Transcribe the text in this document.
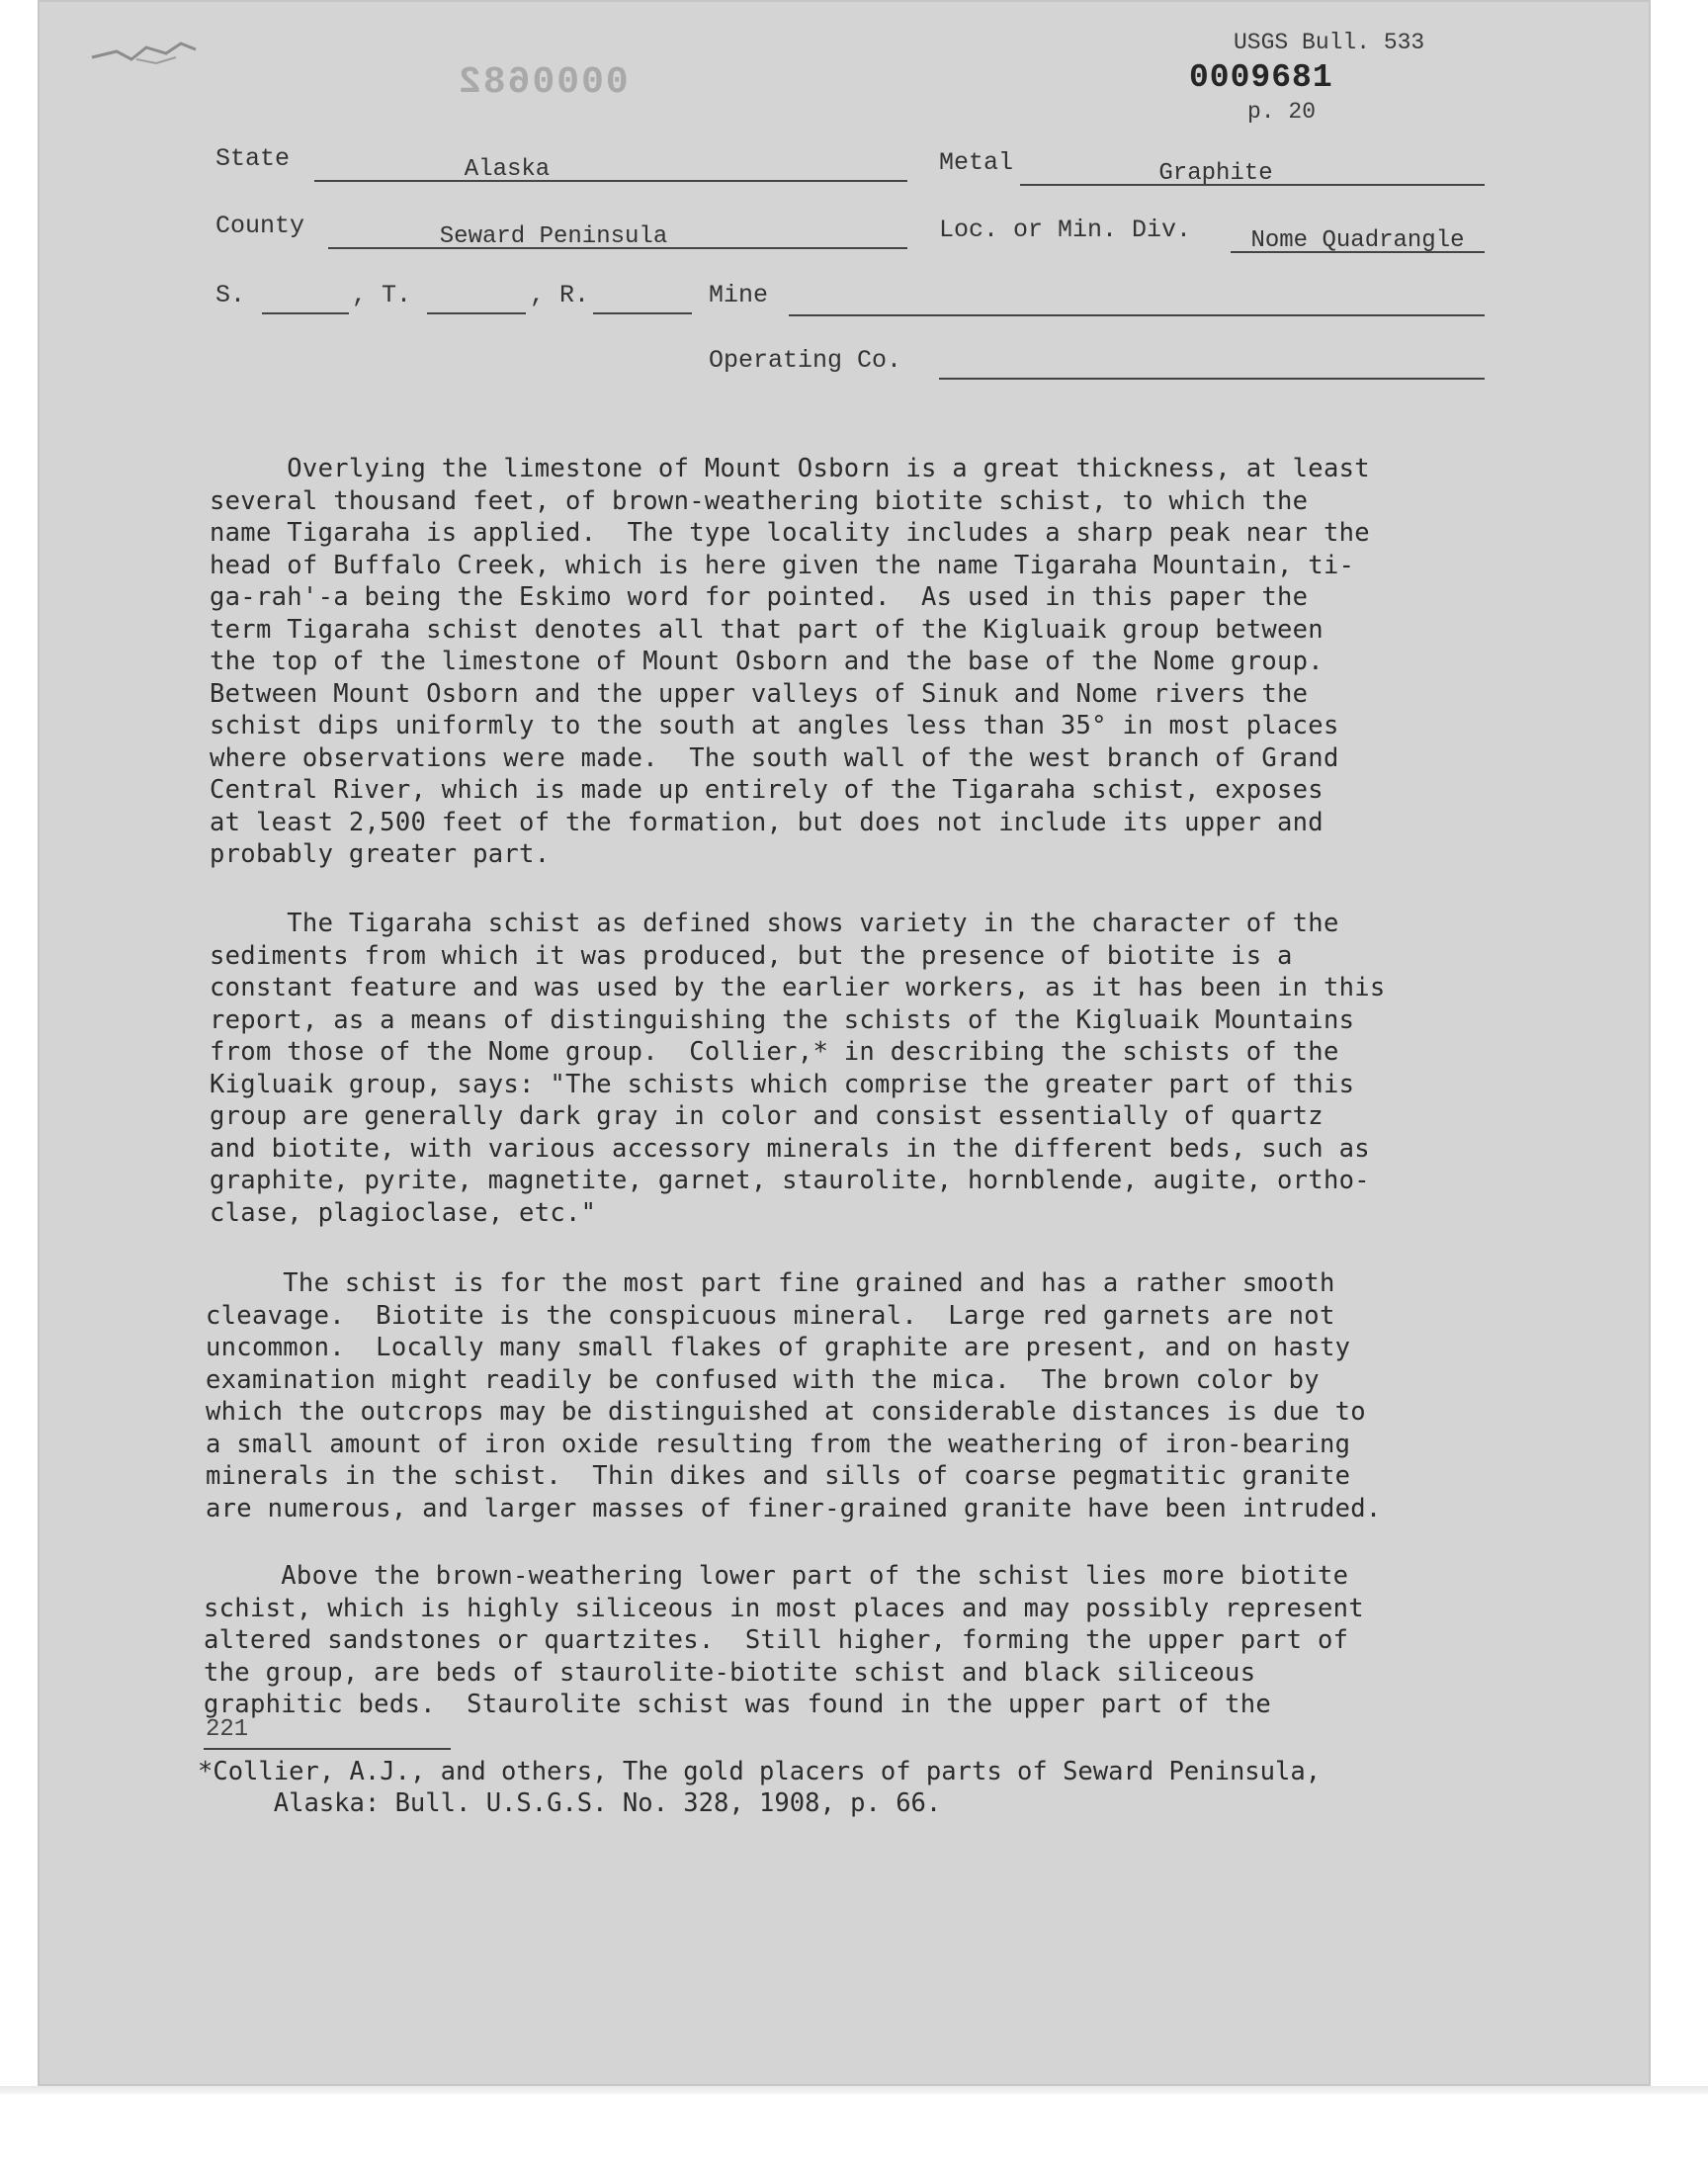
USGS Bull. 533
0000682	0009681
p. 20
State	Alaska	Metal	Graphite
County	Seward Peninsula	Loc. or Min. Div.	Nome Quadrangle
S.	, T.	, R.	Mine
Operating Co.
Overlying the limestone of Mount Osborn is a great thickness, at least
several thousand feet, of brown-weathering biotite schist, to which the
name Tigaraha is applied.  The type locality includes a sharp peak near the
head of Buffalo Creek, which is here given the name Tigaraha Mountain, ti-
ga-rah'-a being the Eskimo word for pointed.  As used in this paper the
term Tigaraha schist denotes all that part of the Kigluaik group between
the top of the limestone of Mount Osborn and the base of the Nome group.
Between Mount Osborn and the upper valleys of Sinuk and Nome rivers the
schist dips uniformly to the south at angles less than 35° in most places
where observations were made.  The south wall of the west branch of Grand
Central River, which is made up entirely of the Tigaraha schist, exposes
at least 2,500 feet of the formation, but does not include its upper and
probably greater part.
The Tigaraha schist as defined shows variety in the character of the
sediments from which it was produced, but the presence of biotite is a
constant feature and was used by the earlier workers, as it has been in this
report, as a means of distinguishing the schists of the Kigluaik Mountains
from those of the Nome group.  Collier,* in describing the schists of the
Kigluaik group, says: "The schists which comprise the greater part of this
group are generally dark gray in color and consist essentially of quartz
and biotite, with various accessory minerals in the different beds, such as
graphite, pyrite, magnetite, garnet, staurolite, hornblende, augite, ortho-
clase, plagioclase, etc."
The schist is for the most part fine grained and has a rather smooth
cleavage.  Biotite is the conspicuous mineral.  Large red garnets are not
uncommon.  Locally many small flakes of graphite are present, and on hasty
examination might readily be confused with the mica.  The brown color by
which the outcrops may be distinguished at considerable distances is due to
a small amount of iron oxide resulting from the weathering of iron-bearing
minerals in the schist.  Thin dikes and sills of coarse pegmatitic granite
are numerous, and larger masses of finer-grained granite have been intruded.
Above the brown-weathering lower part of the schist lies more biotite
schist, which is highly siliceous in most places and may possibly represent
altered sandstones or quartzites.  Still higher, forming the upper part of
the group, are beds of staurolite-biotite schist and black siliceous
graphitic beds.  Staurolite schist was found in the upper part of the
221
*Collier, A.J., and others, The gold placers of parts of Seward Peninsula,
Alaska: Bull. U.S.G.S. No. 328, 1908, p. 66.
